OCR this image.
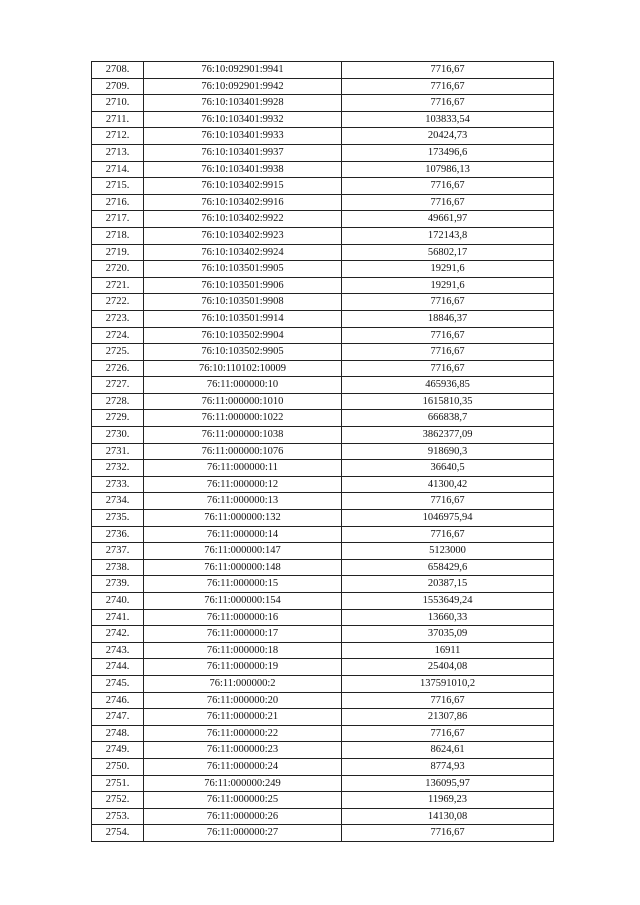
2708.	76:10:092901:9941	7716,67
2709.	76:10:092901:9942	7716,67
2710.	76:10:103401:9928	7716,67
2711.	76:10:103401:9932	103833,54
2712.	76:10:103401:9933	20424,73
2713.	76:10:103401:9937	173496,6
2714.	76:10:103401:9938	107986,13
2715.	76:10:103402:9915	7716,67
2716.	76:10:103402:9916	7716,67
2717.	76:10:103402:9922	49661,97
2718.	76:10:103402:9923	172143,8
2719.	76:10:103402:9924	56802,17
2720.	76:10:103501:9905	19291,6
2721.	76:10:103501:9906	19291,6
2722.	76:10:103501:9908	7716,67
2723.	76:10:103501:9914	18846,37
2724.	76:10:103502:9904	7716,67
2725.	76:10:103502:9905	7716,67
2726.	76:10:110102:10009	7716,67
2727.	76:11:000000:10	465936,85
2728.	76:11:000000:1010	1615810,35
2729.	76:11:000000:1022	666838,7
2730.	76:11:000000:1038	3862377,09
2731.	76:11:000000:1076	918690,3
2732.	76:11:000000:11	36640,5
2733.	76:11:000000:12	41300,42
2734.	76:11:000000:13	7716,67
2735.	76:11:000000:132	1046975,94
2736.	76:11:000000:14	7716,67
2737.	76:11:000000:147	5123000
2738.	76:11:000000:148	658429,6
2739.	76:11:000000:15	20387,15
2740.	76:11:000000:154	1553649,24
2741.	76:11:000000:16	13660,33
2742.	76:11:000000:17	37035,09
2743.	76:11:000000:18	16911
2744.	76:11:000000:19	25404,08
2745.	76:11:000000:2	137591010,2
2746.	76:11:000000:20	7716,67
2747.	76:11:000000:21	21307,86
2748.	76:11:000000:22	7716,67
2749.	76:11:000000:23	8624,61
2750.	76:11:000000:24	8774,93
2751.	76:11:000000:249	136095,97
2752.	76:11:000000:25	11969,23
2753.	76:11:000000:26	14130,08
2754.	76:11:000000:27	7716,67
